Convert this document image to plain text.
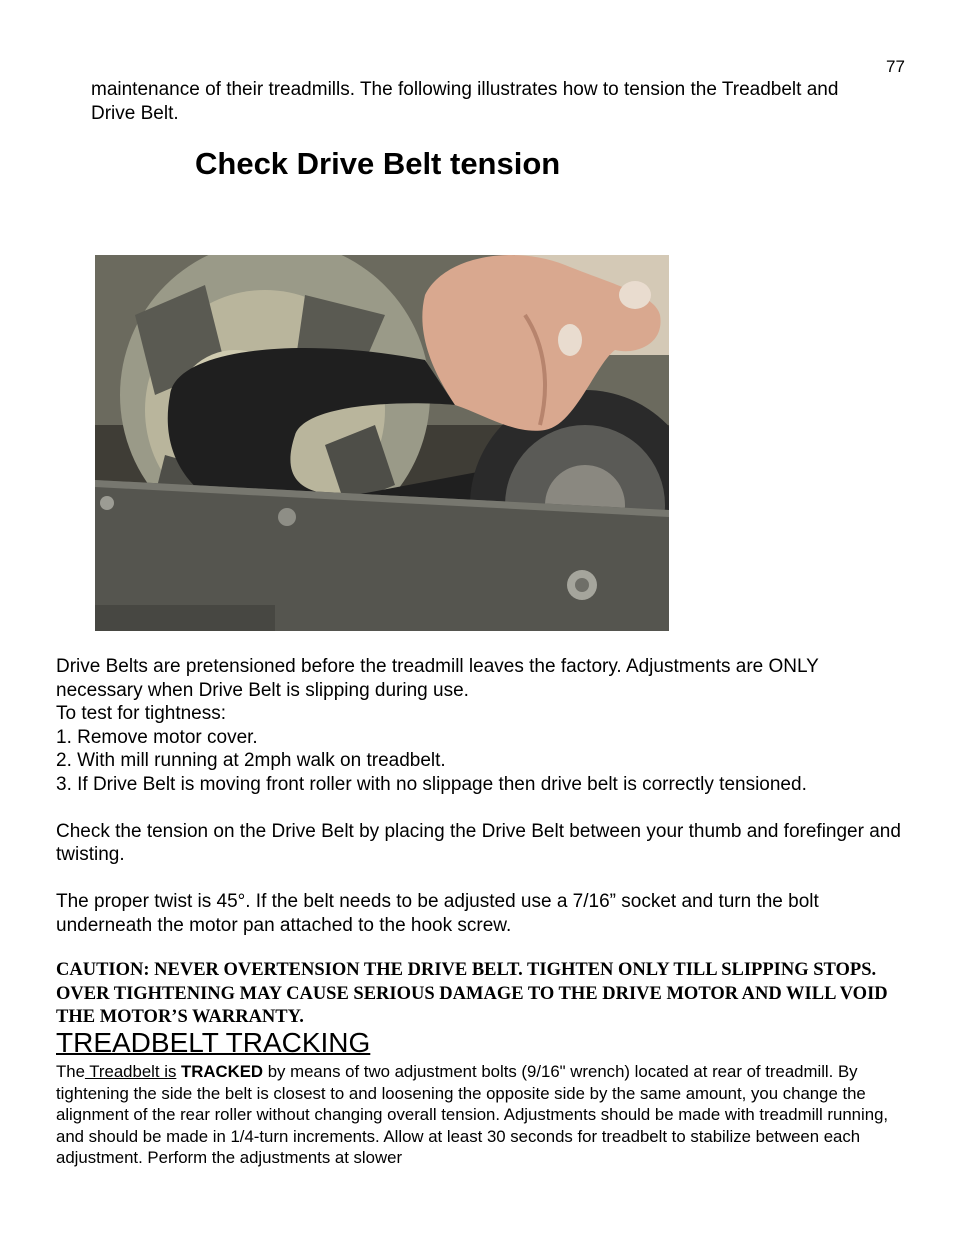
77
maintenance of their treadmills. The following illustrates how to tension the Treadbelt and Drive Belt.
Check Drive Belt tension

Drive Belts are pretensioned before the treadmill leaves the factory. Adjustments are ONLY necessary when Drive Belt is slipping during use.

To test for tightness:

1. Remove motor cover.

2. With mill running at 2mph walk on treadbelt.

3. If Drive Belt is moving front roller with no slippage then drive belt is correctly tensioned.

Check the tension on the Drive Belt by placing the Drive Belt between your thumb and forefinger and twisting.

The proper twist is 45°. If the belt needs to be adjusted use a 7/16” socket and turn the bolt underneath the motor pan attached to the hook screw.

CAUTION: NEVER OVERTENSION THE DRIVE BELT. TIGHTEN ONLY TILL SLIPPING STOPS. OVER TIGHTENING MAY CAUSE SERIOUS DAMAGE TO THE DRIVE MOTOR AND WILL VOID THE MOTOR’S WARRANTY.
TREADBELT TRACKING
The Treadbelt is TRACKED by means of two adjustment bolts (9/16" wrench) located at rear of treadmill. By tightening the side the belt is closest to and loosening the opposite side by the same amount, you change the alignment of the rear roller without changing overall tension. Adjustments should be made with treadmill running, and should be made in 1/4-turn increments. Allow at least 30 seconds for treadbelt to stabilize between each adjustment. Perform the adjustments at slower
